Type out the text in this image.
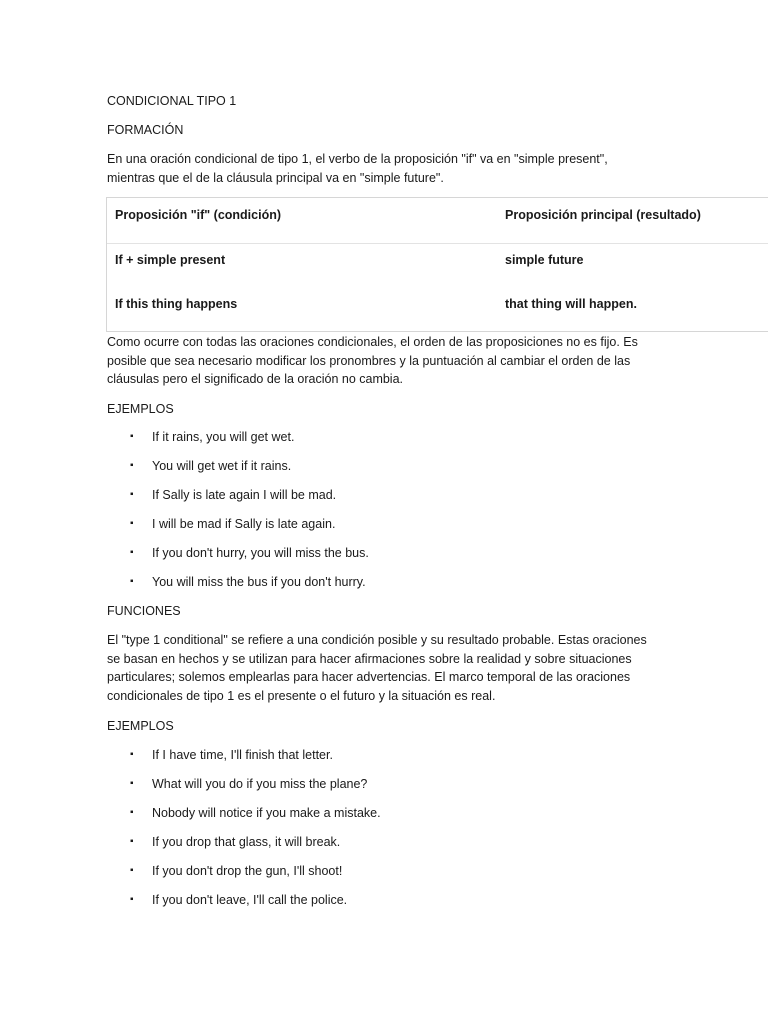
CONDICIONAL TIPO 1
FORMACIÓN
En una oración condicional de tipo 1, el verbo de la proposición "if" va en "simple present",
mientras que el de la cláusula principal va en "simple future".
Proposición "if" (condición)	Proposición principal (resultado)
If + simple present	simple future
If this thing happens	that thing will happen.
Como ocurre con todas las oraciones condicionales, el orden de las proposiciones no es fijo. Es
posible que sea necesario modificar los pronombres y la puntuación al cambiar el orden de las
cláusulas pero el significado de la oración no cambia.
EJEMPLOS
▪ If it rains, you will get wet.
▪ You will get wet if it rains.
▪ If Sally is late again I will be mad.
▪ I will be mad if Sally is late again.
▪ If you don't hurry, you will miss the bus.
▪ You will miss the bus if you don't hurry.
FUNCIONES
El "type 1 conditional" se refiere a una condición posible y su resultado probable. Estas oraciones
se basan en hechos y se utilizan para hacer afirmaciones sobre la realidad y sobre situaciones
particulares; solemos emplearlas para hacer advertencias. El marco temporal de las oraciones
condicionales de tipo 1 es el presente o el futuro y la situación es real.
EJEMPLOS
▪ If I have time, I'll finish that letter.
▪ What will you do if you miss the plane?
▪ Nobody will notice if you make a mistake.
▪ If you drop that glass, it will break.
▪ If you don't drop the gun, I'll shoot!
▪ If you don't leave, I'll call the police.
